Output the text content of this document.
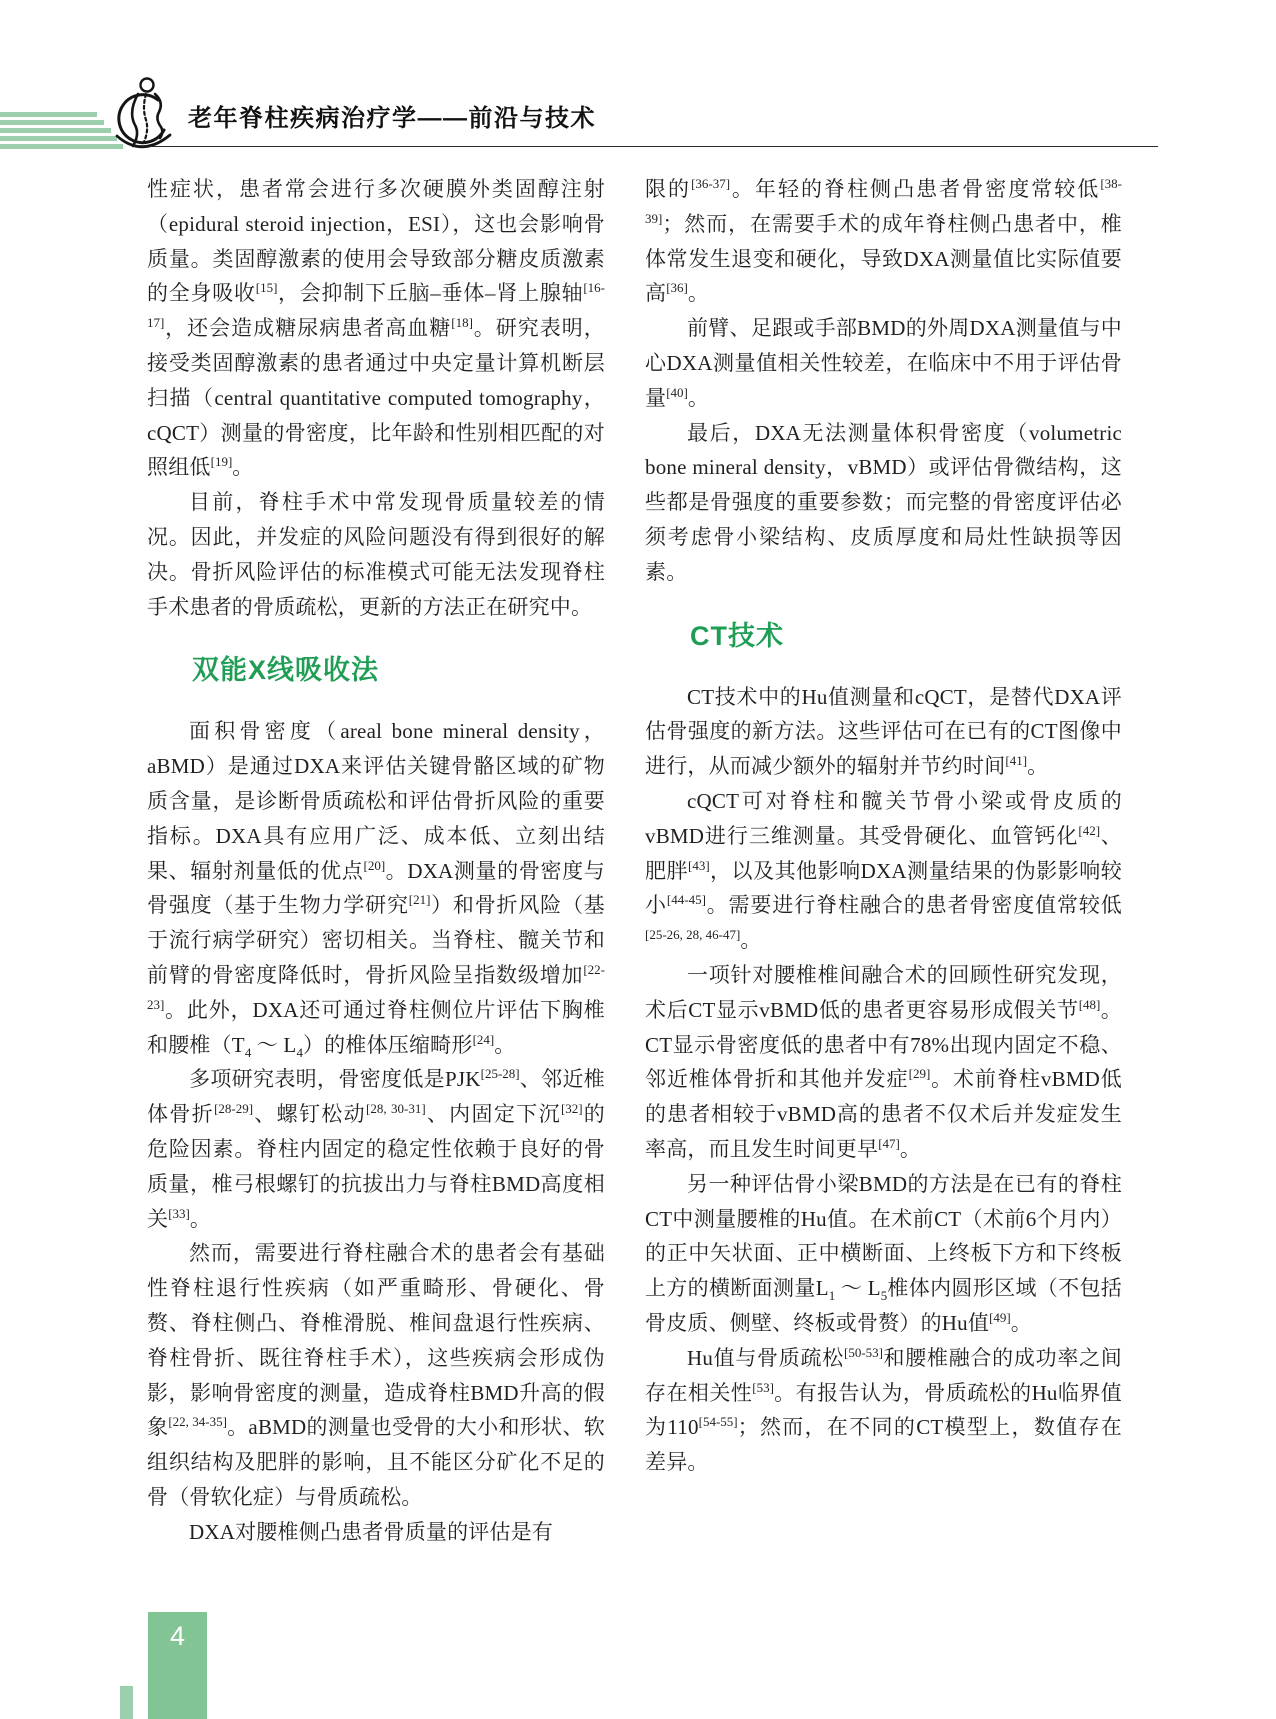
老年脊柱疾病治疗学——前沿与技术

性症状，患者常会进行多次硬膜外类固醇注射（epidural steroid injection，ESI），这也会影响骨质量。类固醇激素的使用会导致部分糖皮质激素的全身吸收[15]，会抑制下丘脑–垂体–肾上腺轴[16-17]，还会造成糖尿病患者高血糖[18]。研究表明，接受类固醇激素的患者通过中央定量计算机断层扫描（central quantitative computed tomography，cQCT）测量的骨密度，比年龄和性别相匹配的对照组低[19]。

目前，脊柱手术中常发现骨质量较差的情况。因此，并发症的风险问题没有得到很好的解决。骨折风险评估的标准模式可能无法发现脊柱手术患者的骨质疏松，更新的方法正在研究中。

双能X线吸收法

面积骨密度（areal bone mineral density，aBMD）是通过DXA来评估关键骨骼区域的矿物质含量，是诊断骨质疏松和评估骨折风险的重要指标。DXA具有应用广泛、成本低、立刻出结果、辐射剂量低的优点[20]。DXA测量的骨密度与骨强度（基于生物力学研究[21]）和骨折风险（基于流行病学研究）密切相关。当脊柱、髋关节和前臂的骨密度降低时，骨折风险呈指数级增加[22-23]。此外，DXA还可通过脊柱侧位片评估下胸椎和腰椎（$T_4$ ～ $L_4$）的椎体压缩畸形[24]。

多项研究表明，骨密度低是PJK[25-28]、邻近椎体骨折[28-29]、螺钉松动[28, 30-31]、内固定下沉[32]的危险因素。脊柱内固定的稳定性依赖于良好的骨质量，椎弓根螺钉的抗拔出力与脊柱BMD高度相关[33]。

然而，需要进行脊柱融合术的患者会有基础性脊柱退行性疾病（如严重畸形、骨硬化、骨赘、脊柱侧凸、脊椎滑脱、椎间盘退行性疾病、脊柱骨折、既往脊柱手术），这些疾病会形成伪影，影响骨密度的测量，造成脊柱BMD升高的假象[22, 34-35]。aBMD的测量也受骨的大小和形状、软组织结构及肥胖的影响，且不能区分矿化不足的骨（骨软化症）与骨质疏松。

DXA对腰椎侧凸患者骨质量的评估是有

限的[36-37]。年轻的脊柱侧凸患者骨密度常较低[38-39]；然而，在需要手术的成年脊柱侧凸患者中，椎体常发生退变和硬化，导致DXA测量值比实际值要高[36]。

前臂、足跟或手部BMD的外周DXA测量值与中心DXA测量值相关性较差，在临床中不用于评估骨量[40]。

最后，DXA无法测量体积骨密度（volumetric bone mineral density，vBMD）或评估骨微结构，这些都是骨强度的重要参数；而完整的骨密度评估必须考虑骨小梁结构、皮质厚度和局灶性缺损等因素。

CT技术

CT技术中的Hu值测量和cQCT，是替代DXA评估骨强度的新方法。这些评估可在已有的CT图像中进行，从而减少额外的辐射并节约时间[41]。

cQCT可对脊柱和髋关节骨小梁或骨皮质的vBMD进行三维测量。其受骨硬化、血管钙化[42]、肥胖[43]，以及其他影响DXA测量结果的伪影影响较小[44-45]。需要进行脊柱融合的患者骨密度值常较低[25-26, 28, 46-47]。

一项针对腰椎椎间融合术的回顾性研究发现，术后CT显示vBMD低的患者更容易形成假关节[48]。CT显示骨密度低的患者中有78%出现内固定不稳、邻近椎体骨折和其他并发症[29]。术前脊柱vBMD低的患者相较于vBMD高的患者不仅术后并发症发生率高，而且发生时间更早[47]。

另一种评估骨小梁BMD的方法是在已有的脊柱CT中测量腰椎的Hu值。在术前CT（术前6个月内）的正中矢状面、正中横断面、上终板下方和下终板上方的横断面测量$L_1$ ～ $L_5$椎体内圆形区域（不包括骨皮质、侧壁、终板或骨赘）的Hu值[49]。

Hu值与骨质疏松[50-53]和腰椎融合的成功率之间存在相关性[53]。有报告认为，骨质疏松的Hu临界值为110[54-55]；然而，在不同的CT模型上，数值存在差异。

4
